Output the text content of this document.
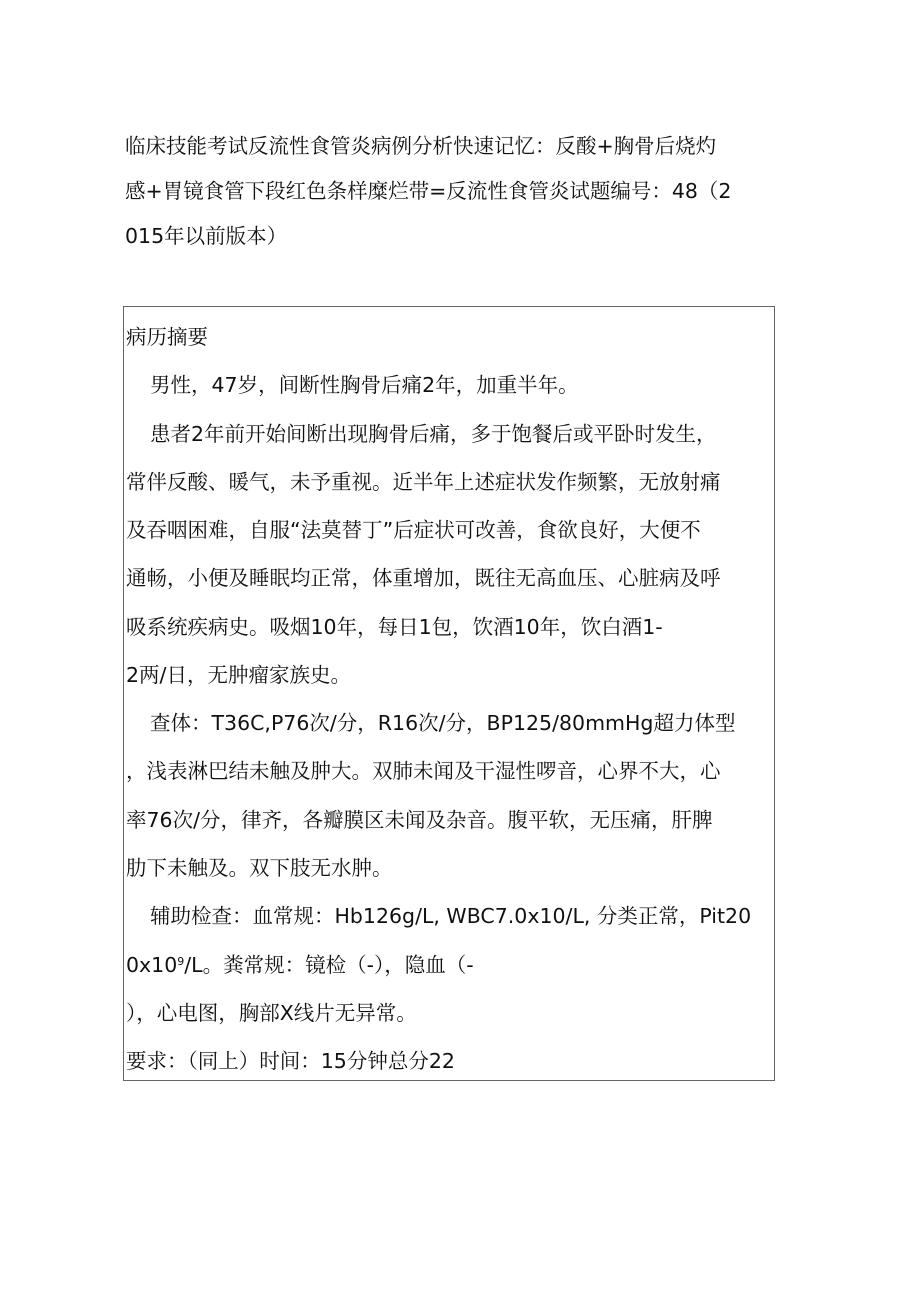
临床技能考试反流性食管炎病例分析快速记忆：反酸+胸骨后烧灼
感+胃镜食管下段红色条样糜烂带=反流性食管炎试题编号：48（2
015年以前版本）
病历摘要
男性，47岁，间断性胸骨后痛2年，加重半年。
患者2年前开始间断出现胸骨后痛，多于饱餐后或平卧时发生，
常伴反酸、暖气，未予重视。近半年上述症状发作频繁，无放射痛
及吞咽困难，自服“法莫替丁”后症状可改善，食欲良好，大便不
通畅，小便及睡眠均正常，体重增加，既往无高血压、心脏病及呼
吸系统疾病史。吸烟10年，每日1包，饮酒10年，饮白酒1-
2两/日，无肿瘤家族史。
查体：T36C,P76次/分，R16次/分，BP125/80mmHg超力体型
，浅表淋巴结未触及肿大。双肺未闻及干湿性啰音，心界不大，心
率76次/分，律齐，各瓣膜区未闻及杂音。腹平软，无压痛，肝脾
肋下未触及。双下肢无水肿。
辅助检查：血常规：Hb126g/L, WBC7.0x10/L, 分类正常，Pit20
$0x10^9/L$。粪常规：镜检（-），隐血（-
），心电图，胸部X线片无异常。
要求：（同上）时间：15分钟总分22
